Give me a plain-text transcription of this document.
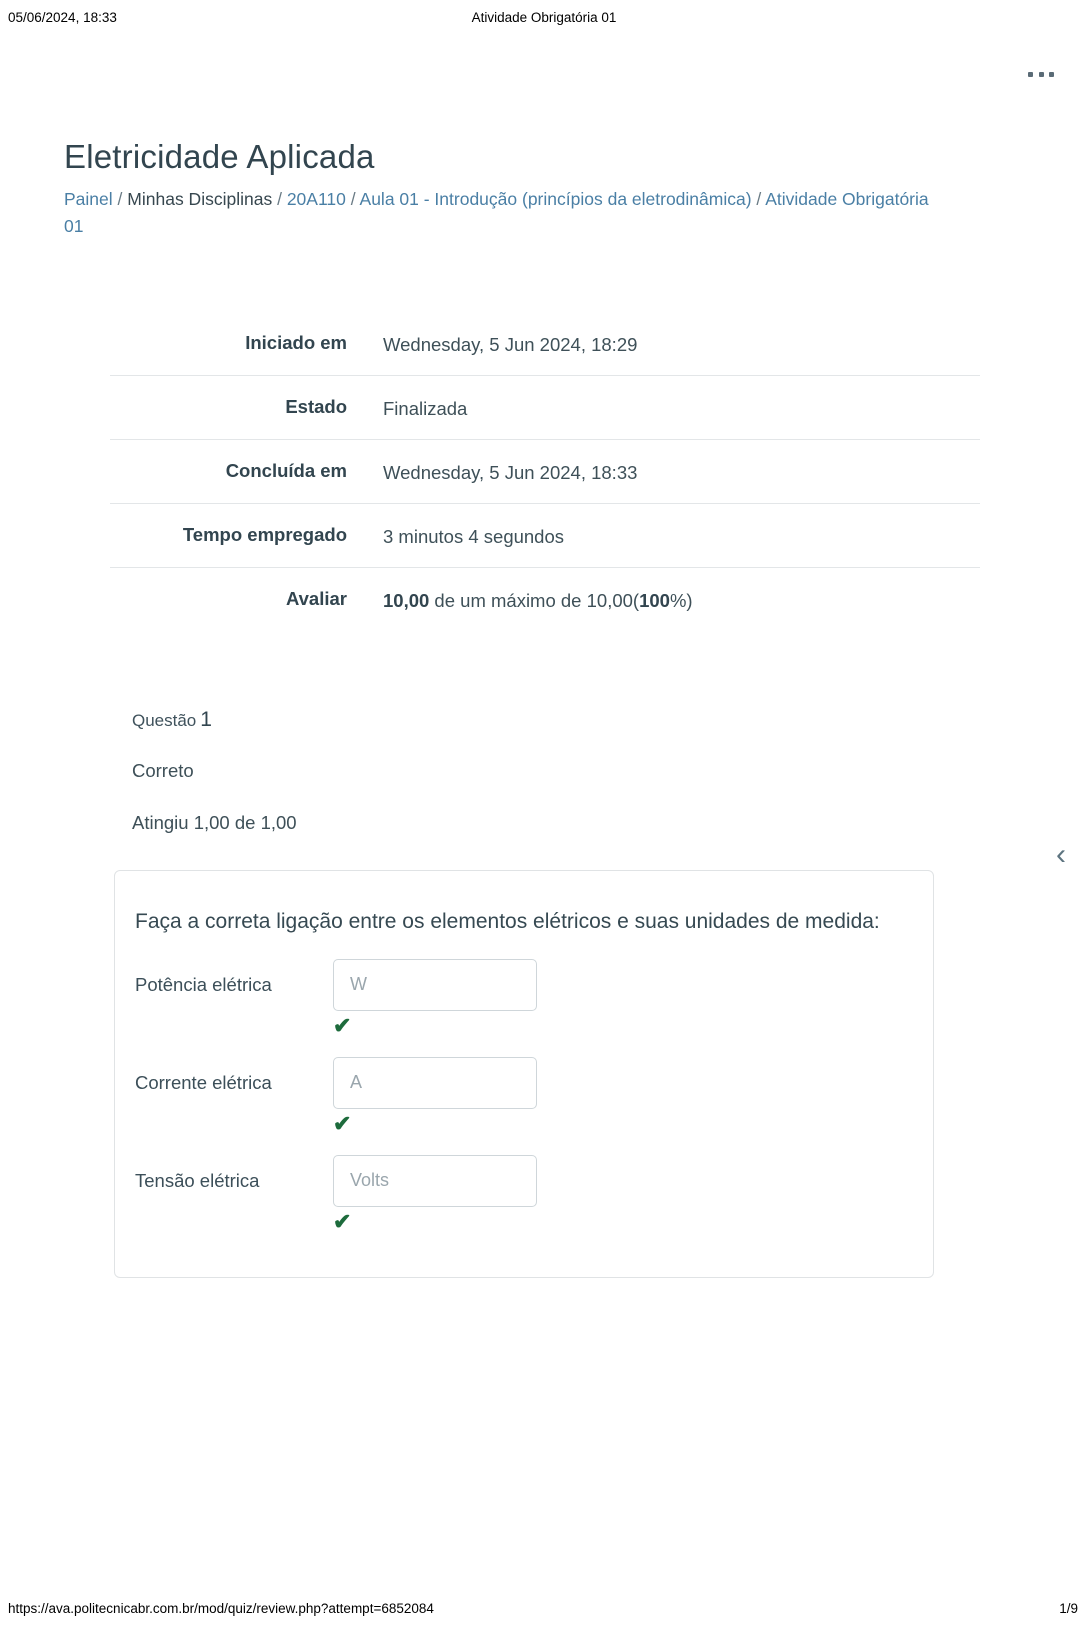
05/06/2024, 18:33	Atividade Obrigatória 01
Eletricidade Aplicada
Painel / Minhas Disciplinas / 20A110 / Aula 01 - Introdução (princípios da eletrodinâmica) / Atividade Obrigatória 01
Iniciado em	Wednesday, 5 Jun 2024, 18:29
Estado	Finalizada
Concluída em	Wednesday, 5 Jun 2024, 18:33
Tempo empregado	3 minutos 4 segundos
Avaliar	10,00 de um máximo de 10,00(100%)
Questão 1
Correto
Atingiu 1,00 de 1,00
‹

Faça a correta ligação entre os elementos elétricos e suas unidades de medida:

Potência elétrica	W
✔
Corrente elétrica	A
✔
Tensão elétrica	Volts
✔
https://ava.politecnicabr.com.br/mod/quiz/review.php?attempt=6852084	1/9
